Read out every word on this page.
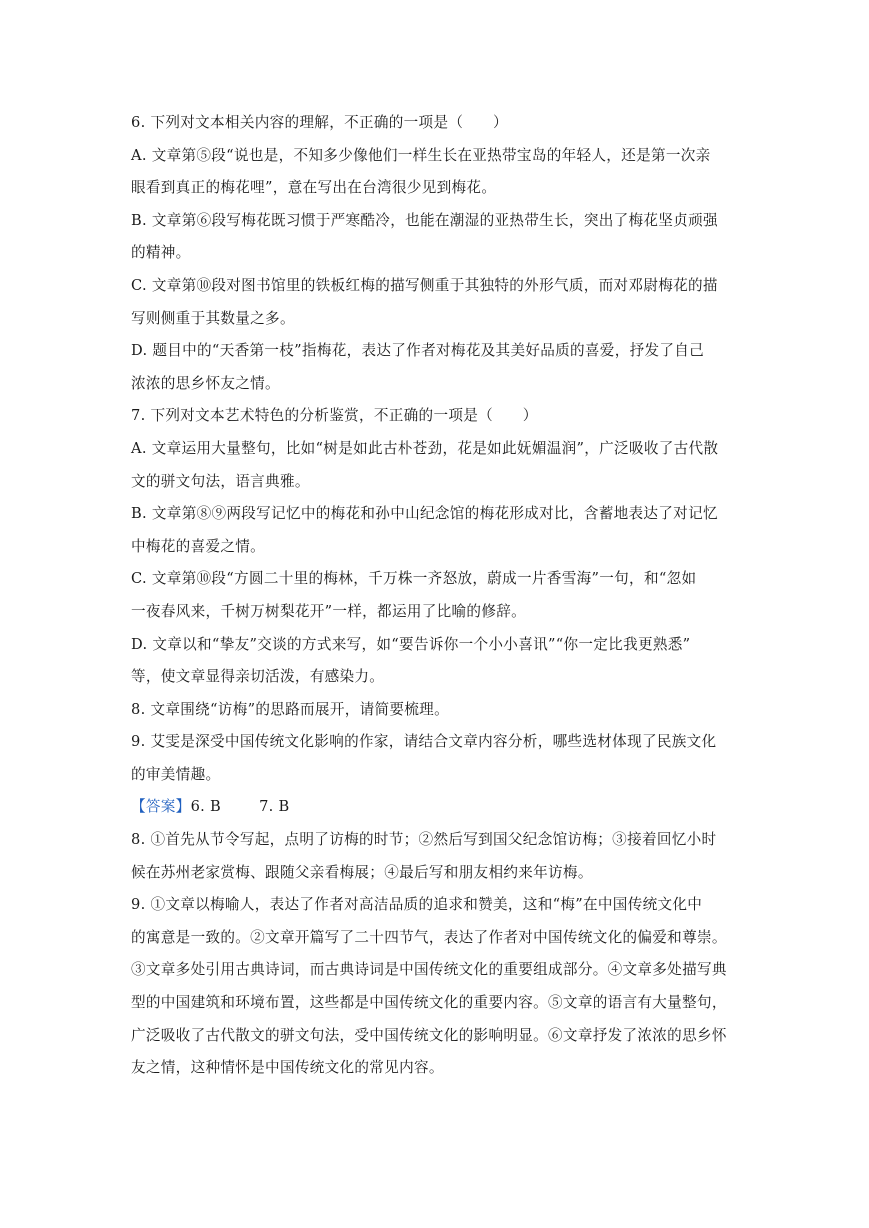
6. 下列对文本相关内容的理解，不正确的一项是（　　）
A. 文章第⑤段“说也是，不知多少像他们一样生长在亚热带宝岛的年轻人，还是第一次亲
眼看到真正的梅花哩”，意在写出在台湾很少见到梅花。
B. 文章第⑥段写梅花既习惯于严寒酷冷，也能在潮湿的亚热带生长，突出了梅花坚贞顽强
的精神。
C. 文章第⑩段对图书馆里的铁板红梅的描写侧重于其独特的外形气质，而对邓尉梅花的描
写则侧重于其数量之多。
D. 题目中的“天香第一枝”指梅花，表达了作者对梅花及其美好品质的喜爱，抒发了自己
浓浓的思乡怀友之情。
7. 下列对文本艺术特色的分析鉴赏，不正确的一项是（　　）
A. 文章运用大量整句，比如“树是如此古朴苍劲，花是如此妩媚温润”，广泛吸收了古代散
文的骈文句法，语言典雅。
B. 文章第⑧⑨两段写记忆中的梅花和孙中山纪念馆的梅花形成对比，含蓄地表达了对记忆
中梅花的喜爱之情。
C. 文章第⑩段“方圆二十里的梅林，千万株一齐怒放，蔚成一片香雪海”一句，和“忽如
一夜春风来，千树万树梨花开”一样，都运用了比喻的修辞。
D. 文章以和“挚友”交谈的方式来写，如“要告诉你一个小小喜讯”“你一定比我更熟悉”
等，使文章显得亲切活泼，有感染力。
8. 文章围绕“访梅”的思路而展开，请简要梳理。
9. 艾雯是深受中国传统文化影响的作家，请结合文章内容分析，哪些选材体现了民族文化
的审美情趣。
【答案】6. B	7. B
8. ①首先从节令写起，点明了访梅的时节；②然后写到国父纪念馆访梅；③接着回忆小时
候在苏州老家赏梅、跟随父亲看梅展；④最后写和朋友相约来年访梅。
9. ①文章以梅喻人，表达了作者对高洁品质的追求和赞美，这和“梅”在中国传统文化中
的寓意是一致的。②文章开篇写了二十四节气，表达了作者对中国传统文化的偏爱和尊崇。
③文章多处引用古典诗词，而古典诗词是中国传统文化的重要组成部分。④文章多处描写典
型的中国建筑和环境布置，这些都是中国传统文化的重要内容。⑤文章的语言有大量整句，
广泛吸收了古代散文的骈文句法，受中国传统文化的影响明显。⑥文章抒发了浓浓的思乡怀
友之情，这种情怀是中国传统文化的常见内容。
